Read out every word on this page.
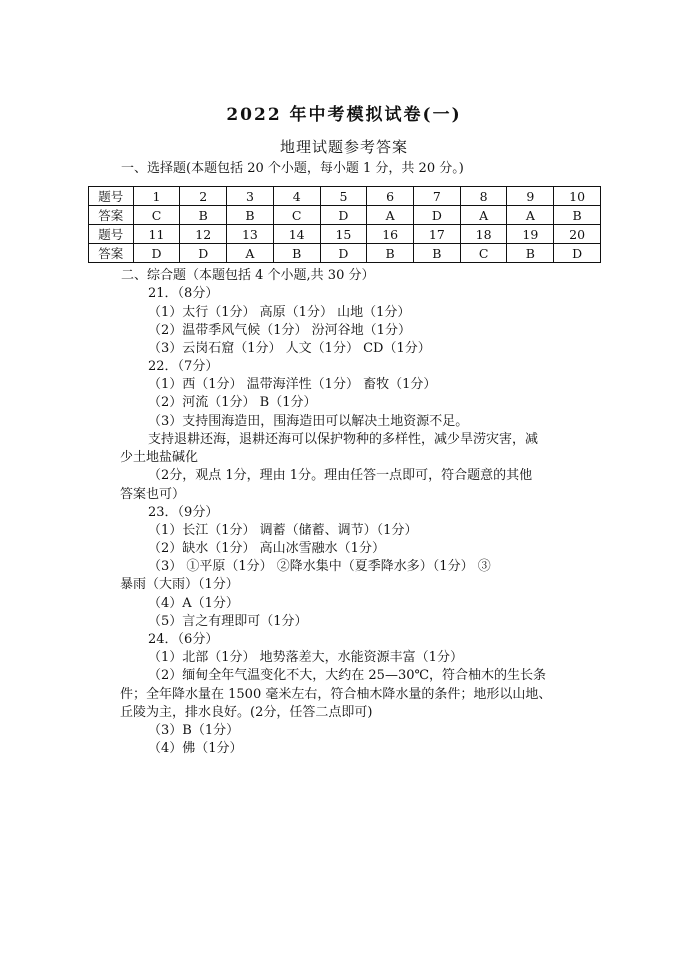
2022 年中考模拟试卷(一)
地理试题参考答案
一、选择题(本题包括 20 个小题，每小题 1 分，共 20 分。)
题号	1	2	3	4	5	6	7	8	9	10
答案	C	B	B	C	D	A	D	A	A	B
题号	11	12	13	14	15	16	17	18	19	20
答案	D	D	A	B	D	B	B	C	B	D
二、综合题（本题包括 4 个小题,共 30 分）
21．（8分）
（1）太行（1分） 高原（1分） 山地（1分）
（2）温带季风气候（1分） 汾河谷地（1分）
（3）云岗石窟（1分） 人文（1分） CD（1分）
22．（7分）
（1）西（1分） 温带海洋性（1分） 畜牧（1分）
（2）河流（1分） B（1分）
（3）支持围海造田，围海造田可以解决土地资源不足。
支持退耕还海，退耕还海可以保护物种的多样性，减少旱涝灾害，减
少土地盐碱化
（2分，观点 1分，理由 1分。理由任答一点即可，符合题意的其他
答案也可）
23．（9分）
（1）长江（1分） 调蓄（储蓄、调节）（1分）
（2）缺水（1分） 高山冰雪融水（1分）
（3） ①平原（1分） ②降水集中（夏季降水多）（1分） ③
暴雨（大雨）（1分）
（4）A（1分）
（5）言之有理即可（1分）
24．（6分）
（1）北部（1分） 地势落差大，水能资源丰富（1分）
（2）缅甸全年气温变化不大，大约在 25—30℃，符合柚木的生长条
件；全年降水量在 1500 毫米左右，符合柚木降水量的条件；地形以山地、
丘陵为主，排水良好。(2分，任答二点即可)
（3）B（1分）
（4）佛（1分）
